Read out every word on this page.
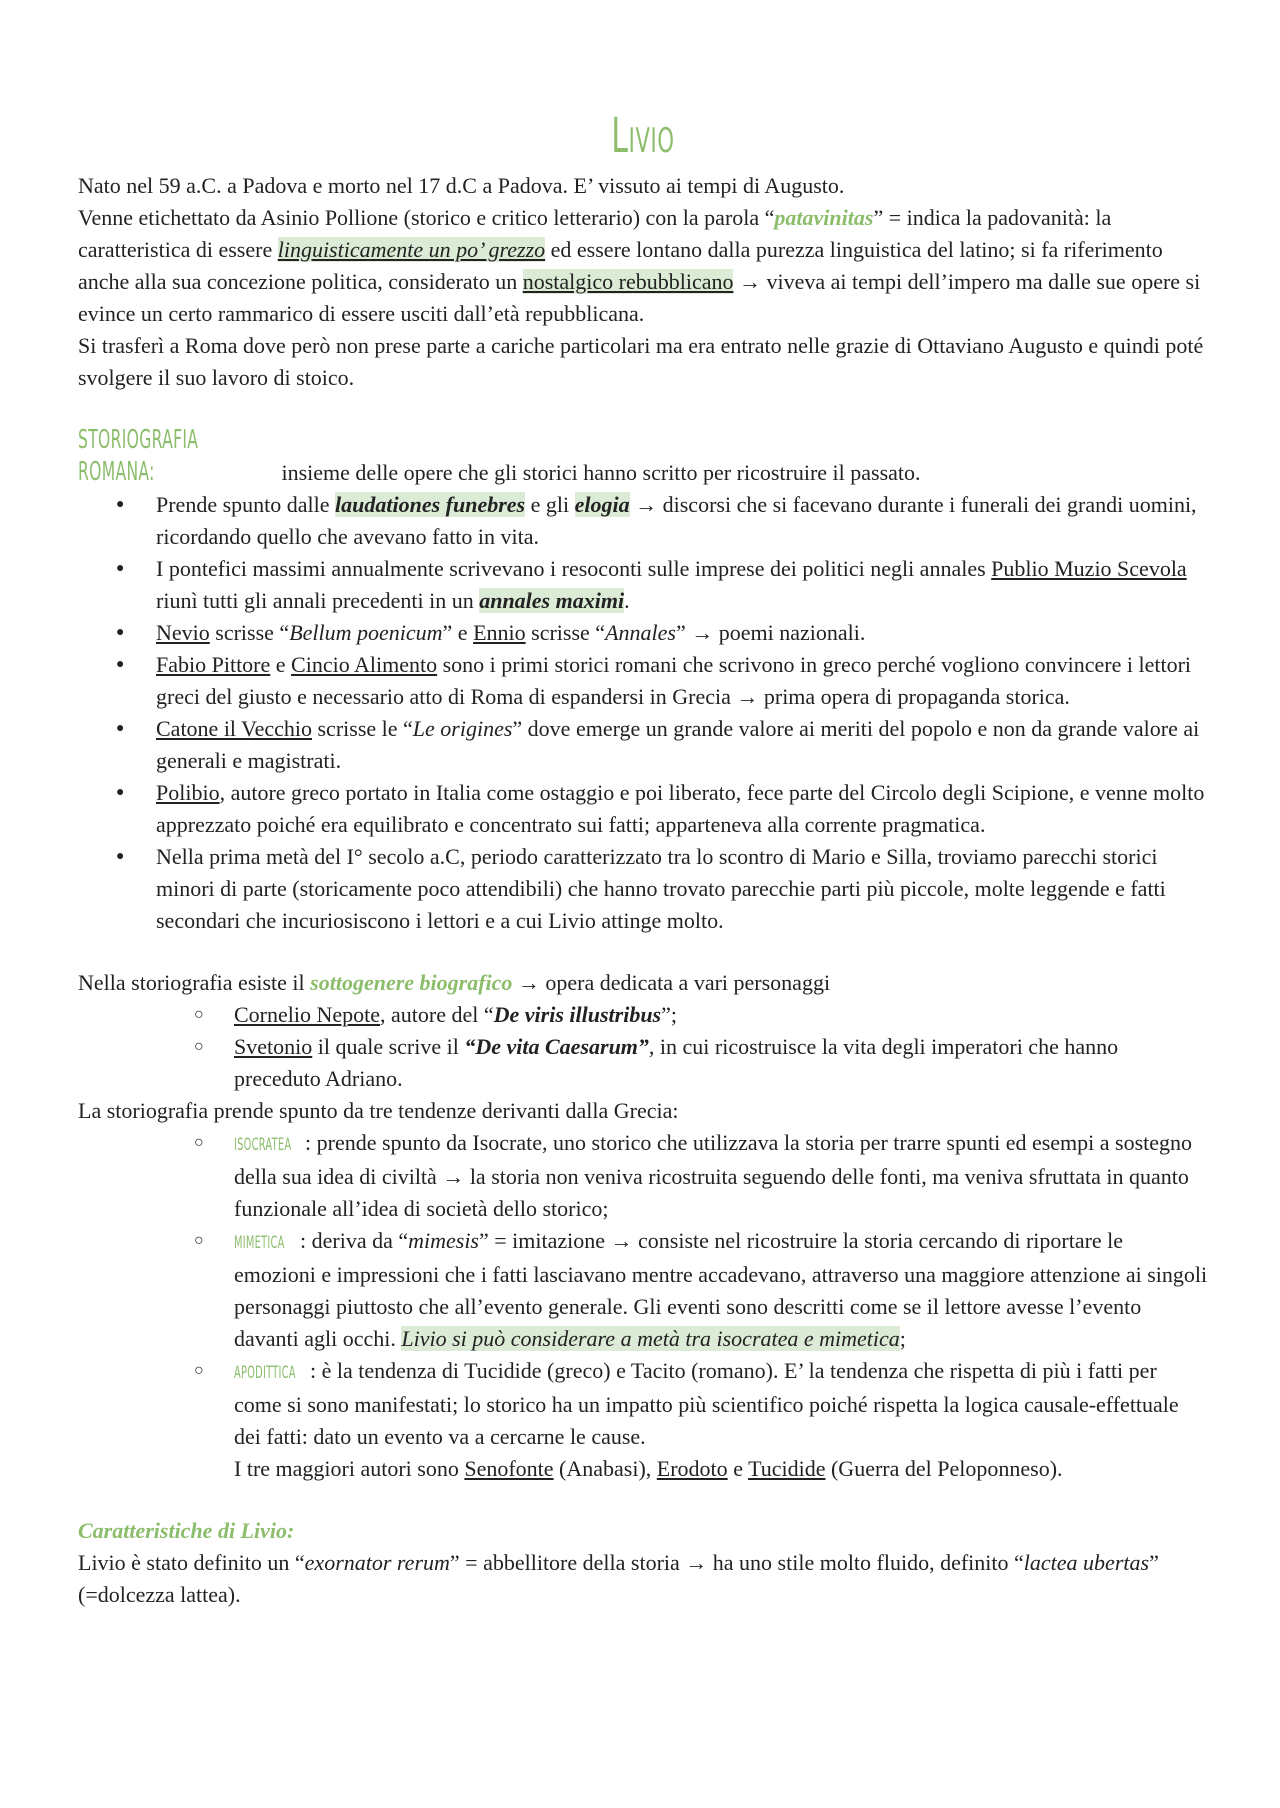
Livio

Nato nel 59 a.C. a Padova e morto nel 17 d.C a Padova. E’ vissuto ai tempi di Augusto.

Venne etichettato da Asinio Pollione (storico e critico letterario) con la parola “patavinitas” = indica la padovanità: la caratteristica di essere linguisticamente un po’ grezzo ed essere lontano dalla purezza linguistica del latino; si fa riferimento anche alla sua concezione politica, considerato un nostalgico rebubblicano → viveva ai tempi dell’impero ma dalle sue opere si evince un certo rammarico di essere usciti dall’età repubblicana.

Si trasferì a Roma dove però non prese parte a cariche particolari ma era entrato nelle grazie di Ottaviano Augusto e quindi poté svolgere il suo lavoro di stoico.

STORIOGRAFIA ROMANA:	insieme delle opere che gli storici hanno scritto per ricostruire il passato.

● Prende spunto dalle laudationes funebres e gli elogia → discorsi che si facevano durante i funerali dei grandi uomini, ricordando quello che avevano fatto in vita.
● I pontefici massimi annualmente scrivevano i resoconti sulle imprese dei politici negli annales Publio Muzio Scevola riunì tutti gli annali precedenti in un annales maximi.
● Nevio scrisse “Bellum poenicum” e Ennio scrisse “Annales” → poemi nazionali.
● Fabio Pittore e Cincio Alimento sono i primi storici romani che scrivono in greco perché vogliono convincere i lettori greci del giusto e necessario atto di Roma di espandersi in Grecia → prima opera di propaganda storica.
● Catone il Vecchio scrisse le “Le origines” dove emerge un grande valore ai meriti del popolo e non da grande valore ai generali e magistrati.
● Polibio, autore greco portato in Italia come ostaggio e poi liberato, fece parte del Circolo degli Scipione, e venne molto apprezzato poiché era equilibrato e concentrato sui fatti; apparteneva alla corrente pragmatica.
● Nella prima metà del I° secolo a.C, periodo caratterizzato tra lo scontro di Mario e Silla, troviamo parecchi storici minori di parte (storicamente poco attendibili) che hanno trovato parecchie parti più piccole, molte leggende e fatti secondari che incuriosiscono i lettori e a cui Livio attinge molto.

Nella storiografia esiste il sottogenere biografico → opera dedicata a vari personaggi

○ Cornelio Nepote, autore del “De viris illustribus”;
○ Svetonio il quale scrive il “De vita Caesarum”, in cui ricostruisce la vita degli imperatori che hanno preceduto Adriano.

La storiografia prende spunto da tre tendenze derivanti dalla Grecia:

○ ISOCRATEA : prende spunto da Isocrate, uno storico che utilizzava la storia per trarre spunti ed esempi a sostegno della sua idea di civiltà → la storia non veniva ricostruita seguendo delle fonti, ma veniva sfruttata in quanto funzionale all’idea di società dello storico;
○ MIMETICA : deriva da “mimesis” = imitazione → consiste nel ricostruire la storia cercando di riportare le emozioni e impressioni che i fatti lasciavano mentre accadevano, attraverso una maggiore attenzione ai singoli personaggi piuttosto che all’evento generale. Gli eventi sono descritti come se il lettore avesse l’evento davanti agli occhi. Livio si può considerare a metà tra isocratea e mimetica;
○ APODITTICA : è la tendenza di Tucidide (greco) e Tacito (romano). E’ la tendenza che rispetta di più i fatti per come si sono manifestati; lo storico ha un impatto più scientifico poiché rispetta la logica causale-effettuale dei fatti: dato un evento va a cercarne le cause.
I tre maggiori autori sono Senofonte (Anabasi), Erodoto e Tucidide (Guerra del Peloponneso).

Caratteristiche di Livio:

Livio è stato definito un “exornator rerum” = abbellitore della storia → ha uno stile molto fluido, definito “lactea ubertas” (=dolcezza lattea).
